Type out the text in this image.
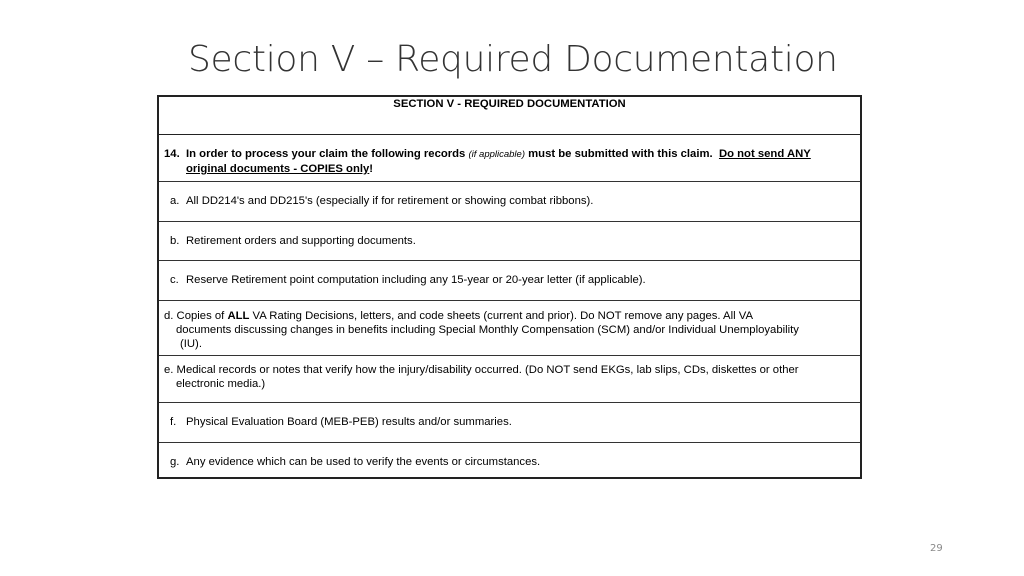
Section V – Required Documentation
SECTION V - REQUIRED DOCUMENTATION
14. In order to process your claim the following records (if applicable) must be submitted with this claim. Do not send ANY
original documents - COPIES only!
a. All DD214's and DD215's (especially if for retirement or showing combat ribbons).
b. Retirement orders and supporting documents.
c. Reserve Retirement point computation including any 15-year or 20-year letter (if applicable).
d. Copies of ALL VA Rating Decisions, letters, and code sheets (current and prior). Do NOT remove any pages. All VA
documents discussing changes in benefits including Special Monthly Compensation (SCM) and/or Individual Unemployability
(IU).
e. Medical records or notes that verify how the injury/disability occurred. (Do NOT send EKGs, lab slips, CDs, diskettes or other
electronic media.)
f. Physical Evaluation Board (MEB-PEB) results and/or summaries.
g. Any evidence which can be used to verify the events or circumstances.
29
